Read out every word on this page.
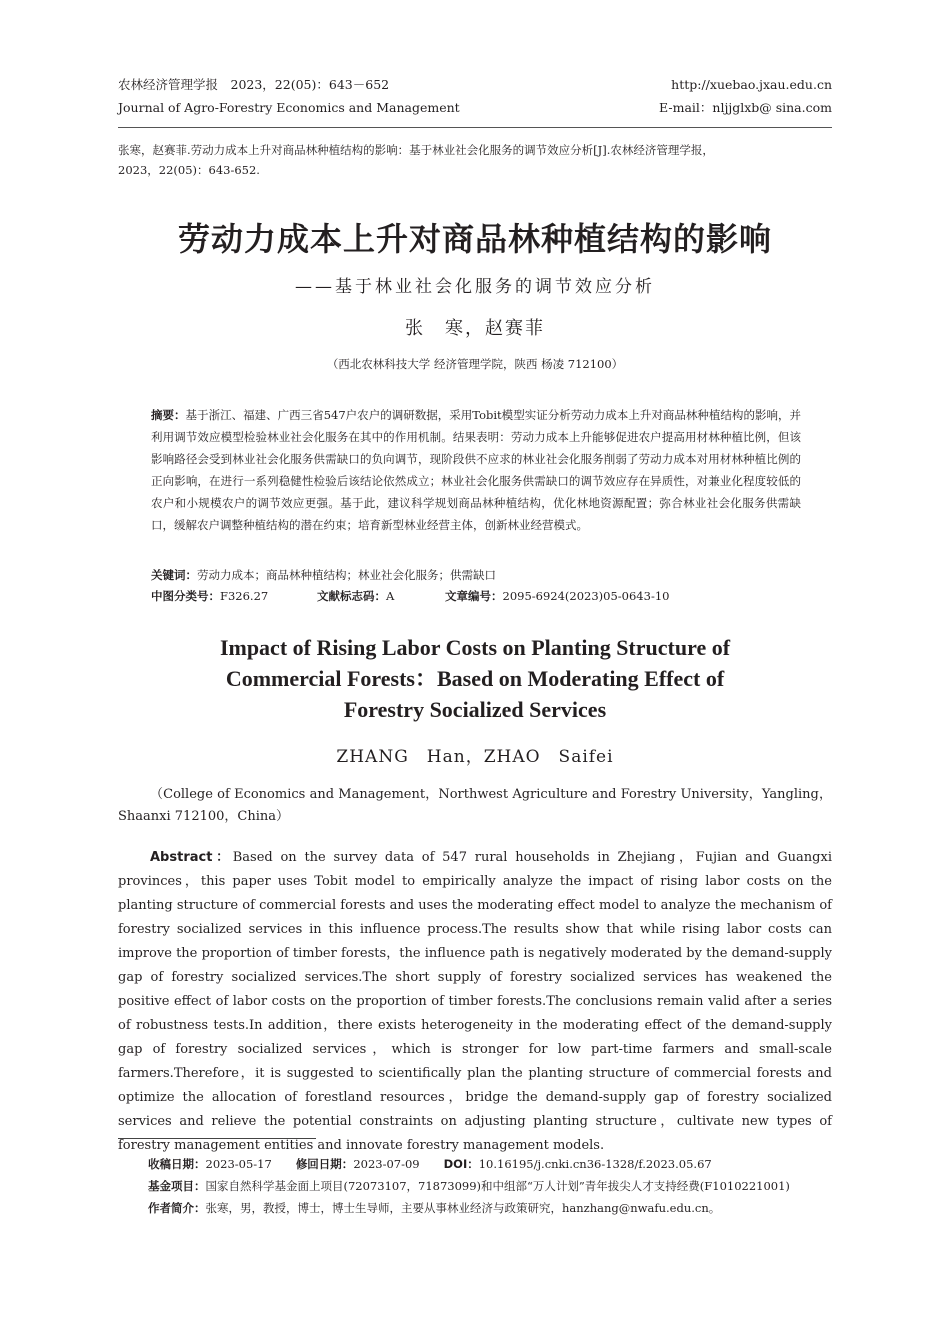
农林经济管理学报　2023，22(05)：643－652	http://xuebao.jxau.edu.cn
Journal of Agro-Forestry Economics and Management	E-mail：nljjglxb@ sina.com
张寒，赵赛菲.劳动力成本上升对商品林种植结构的影响：基于林业社会化服务的调节效应分析[J].农林经济管理学报，
2023，22(05)：643-652.
劳动力成本上升对商品林种植结构的影响
——基于林业社会化服务的调节效应分析
张　寒，赵赛菲
（西北农林科技大学 经济管理学院，陕西 杨凌 712100）
摘要：基于浙江、福建、广西三省547户农户的调研数据，采用Tobit模型实证分析劳动力成本上升对商品林种植结构的影响，并利用调节效应模型检验林业社会化服务在其中的作用机制。结果表明：劳动力成本上升能够促进农户提高用材林种植比例，但该影响路径会受到林业社会化服务供需缺口的负向调节，现阶段供不应求的林业社会化服务削弱了劳动力成本对用材林种植比例的正向影响，在进行一系列稳健性检验后该结论依然成立；林业社会化服务供需缺口的调节效应存在异质性，对兼业化程度较低的农户和小规模农户的调节效应更强。基于此，建议科学规划商品林种植结构，优化林地资源配置；弥合林业社会化服务供需缺口，缓解农户调整种植结构的潜在约束；培育新型林业经营主体，创新林业经营模式。
关键词：劳动力成本；商品林种植结构；林业社会化服务；供需缺口
中图分类号：F326.27	文献标志码：A	文章编号：2095-6924(2023)05-0643-10
Impact of Rising Labor Costs on Planting Structure of
Commercial Forests：Based on Moderating Effect of
Forestry Socialized Services
ZHANG　Han，ZHAO　Saifei
（College of Economics and Management，Northwest Agriculture and Forestry University，Yangling，Shaanxi 712100，China）
Abstract：Based on the survey data of 547 rural households in Zhejiang，Fujian and Guangxi provinces，this paper uses Tobit model to empirically analyze the impact of rising labor costs on the planting structure of commercial forests and uses the moderating effect model to analyze the mechanism of forestry socialized services in this influence process.The results show that while rising labor costs can improve the proportion of timber forests，the influence path is negatively moderated by the demand-supply gap of forestry socialized services.The short supply of forestry socialized services has weakened the positive effect of labor costs on the proportion of timber forests.The conclusions remain valid after a series of robustness tests.In addition，there exists heterogeneity in the moderating effect of the demand-supply gap of forestry socialized services，which is stronger for low part-time farmers and small-scale farmers.Therefore，it is suggested to scientifically plan the planting structure of commercial forests and optimize the allocation of forestland resources，bridge the demand-supply gap of forestry socialized services and relieve the potential constraints on adjusting planting structure，cultivate new types of forestry management entities and innovate forestry management models.
收稿日期：2023-05-17 修回日期：2023-07-09 DOI：10.16195/j.cnki.cn36-1328/f.2023.05.67
基金项目：国家自然科学基金面上项目(72073107，71873099)和中组部“万人计划”青年拔尖人才支持经费(F1010221001)
作者简介：张寒，男，教授，博士，博士生导师，主要从事林业经济与政策研究，hanzhang@nwafu.edu.cn。
